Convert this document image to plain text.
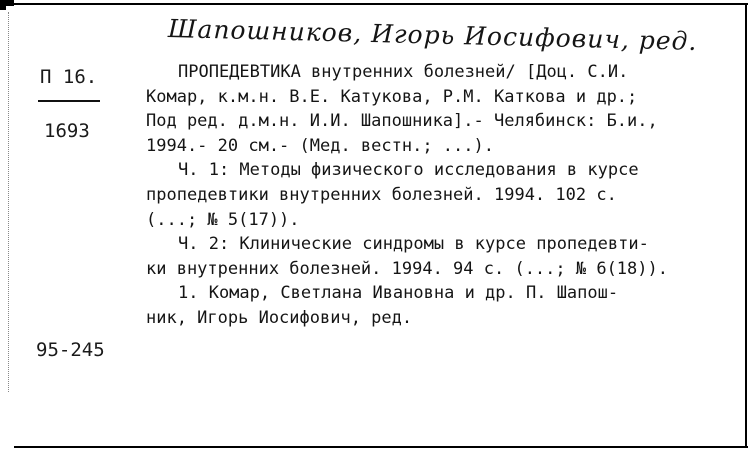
Шапошников, Игорь Иосифович, ред.
П 16.
1693
95-245
ПРОПЕДЕВТИКА внутренних болезней/ [Доц. С.И.
Комар, к.м.н. В.Е. Катукова, Р.М. Каткова и др.;
Под ред. д.м.н. И.И. Шапошника].- Челябинск: Б.и.,
1994.- 20 см.- (Мед. вестн.; ...).
Ч. 1: Методы физического исследования в курсе
пропедевтики внутренних болезней. 1994. 102 с.
(...; № 5(17)).
Ч. 2: Клинические синдромы в курсе пропедевти-
ки внутренних болезней. 1994. 94 с. (...; № 6(18)).
1. Комар, Светлана Ивановна и др. П. Шапош-
ник, Игорь Иосифович, ред.
